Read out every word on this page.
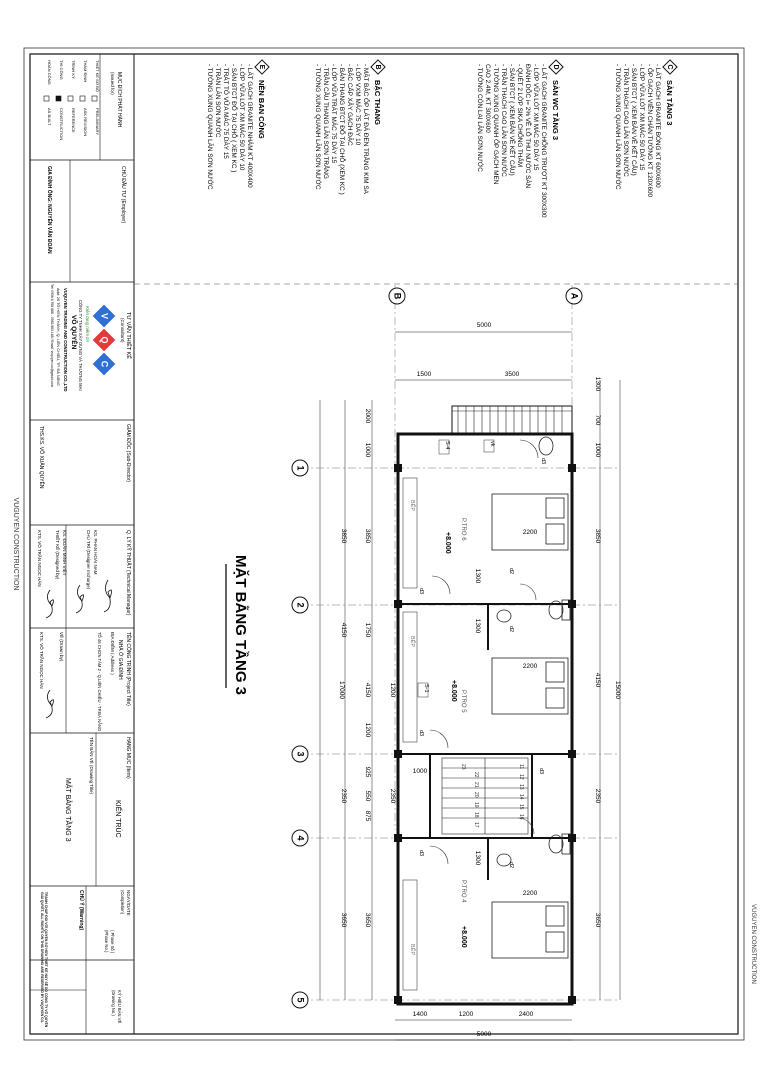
VUGUYEN CONSTRUCTION
VUGUYEN CONSTRUCTION
MỤC ĐÍCH PHÁT HÀNH
(Issued for)
THIẾT KẾ SƠ BỘ
PRELIMINARY
THẨM ĐỊNH
ASK REVISION
TRÌNH KÝ
REFERENCE
THI CÔNG
CONSTRUCTION
HOÀN CÔNG
AS BUILT
CHỦ ĐẦU TƯ (Employer)
GIA ĐÌNH ÔNG: NGUYỄN VĂN ĐOÀN
TƯ VẤN THIẾT KẾ
(Consultant)
V
Q
C
Kiến tạng niềm tin
CÔNG TY TNHH XÂY DỰNG VÀ THƯƠNG MẠI
VÕ QUYÊN
VUQUYEN TRADING AND CONSTRUCTION CO.,LTD
Add: 26 TÔ HIẾN THÀNH, Q. LIÊN CHIỂU, TP. ĐÀ NẴNG
Tel: 0936.6 768 888 - 0983.983.168 / Email: vuquyen.co@gmail.com
GIÁM ĐỐC (Sub-Director)
THS.KS. VÕ XUÂN QUYỀN
Q. LÝ KỸ THUẬT (Technical Managar)
KS. PHAN HOÀI NAM
CHỦ TRÌ (Designer Incharge)
KS. ĐOÀN MINH VIỆT
THIẾT KẾ (Designed by)
KTS. VÕ TRẦN NGỌC HÂN
TÊN CÔNG TRÌNH (Project Title)
NHÀ Ở GIA ĐÌNH
ĐỊA ĐIỂM ( Address )
TỔ 46 CHƠN TÂM 2 - Q.LIÊN CHIỂU - TP.ĐÀ NẴNG
VẼ (Drawn by)
KTS. VÕ TRẦN NGỌC HÂN
HẠNG MỤC (Item)
KIẾN TRÚC
TÊN BẢN VẼ (Drawing Title)
MẶT BẰNG TẦNG 3
NGÀY/DATE
(Completion)
( Phase Số )
(Phase No.)
KÝ HIỆU BẢN VẼ
(Drawing No.)
CHÚ Ý (Warning)
TRANH CHẤP ĐỐI VỚI QUYỀN SỞ HỮU THIẾT KẾ NÀY SẼ DO CÔNG TY VÕ QUYÊN GIẢI QUYẾT. ALL RIGHTS ON THIS DRAWING ARE RESERVED BY VUQUYEN CO.
C
SÀN TẦNG 3
- LÁT GẠCH GRANITE BÓNG KT 600X600
- ỐP GẠCH VIỀN CHÂN TƯỜNG KT 120X600
- LỚP VỮA LÓT XM MÁC 50 DÀY 15
- SÀN BTCT ( XEM BẢN VẼ KẾT CẤU)
- TRẦN THẠCH CAO LĂN SƠN NƯỚC
- TƯỜNG XUNG QUANH LĂN SƠN NƯỚC
D
SÀN WC TẦNG 3
- LÁT GẠCH GRANITE CHỐNG TRƯỢT KT 300X300
- LỚP VỮA LÓT XM MÁC 50 DÀY 15
ĐÁNH DỐC i= 2% VỀ LỖ THU NƯỚC SÀN
- QUÉT 2 LỚP SIKA CHỐNG THẤM
- SÀN BTCT ( XEM BẢN VẼ KẾT CẤU)
- TRẦN THẠCH CAO LĂN SƠN NƯỚC
- TƯỜNG XUNG QUANH ỐP GẠCH MEN
CAO 2.4M, KT 300X600
- TƯỜNG CÒN LẠI LĂN SƠN NƯỚC
B
BẬC THANG
- MẶT BẬC ỐP LÁT ĐÁ ĐEN TRẮNG KIM SA
- LỚP VXM MÁC 75 DÀY 10
- BẬC CẤP XÂY GẠCH ĐẶC
- BẢN THANG BTCT ĐỔ TẠI CHỖ (XEM KC )
- LỚP VỮA TRÁT MÁC 75 DÀY 15
- TRẦN CẦU THANG LĂN SƠN TRẮNG
- TƯỜNG XUNG QUANH LĂN SƠN NƯỚC
E
NỀN BAN CÔNG
- LÁT GẠCH GRANITE NHÁM KT 400X400
- LỚP VỮA LÓT XM MÁC 50 DÀY 10
- SÀN BTCT ĐỔ TẠI CHỖ ( XEM KC )
- TRÁT TÔ VỮA MÁC 75 DÀY 15
- TRẦN LĂN SƠN NƯỚC
- TƯỜNG XUNG QUANH LĂN SƠN NƯỚC
P.TRỌ 6
P.TRỌ 5
P.TRỌ 4
BẾP
BẾP
BẾP
+8.000
+8.000
+8.000
S-4	vk
d3
d2
d3
d3
S-1
d2
d3
d3
d2
11
12
13
14
15
16
17
18
19
20
21
22
23
B	A
1
2
3
4
5
5000
1500	3500
1300
700
1000
3850
4150
2350
3650
15000
17000
2000
1000
3850
1750
4150
1200
925
550
875
3650
3850
4150
2350
3650
2350
1200
1000
1300
1300
1300
2200
2200
2200
1400	1200	2400
5000
MẶT BẰNG TẦNG 3
